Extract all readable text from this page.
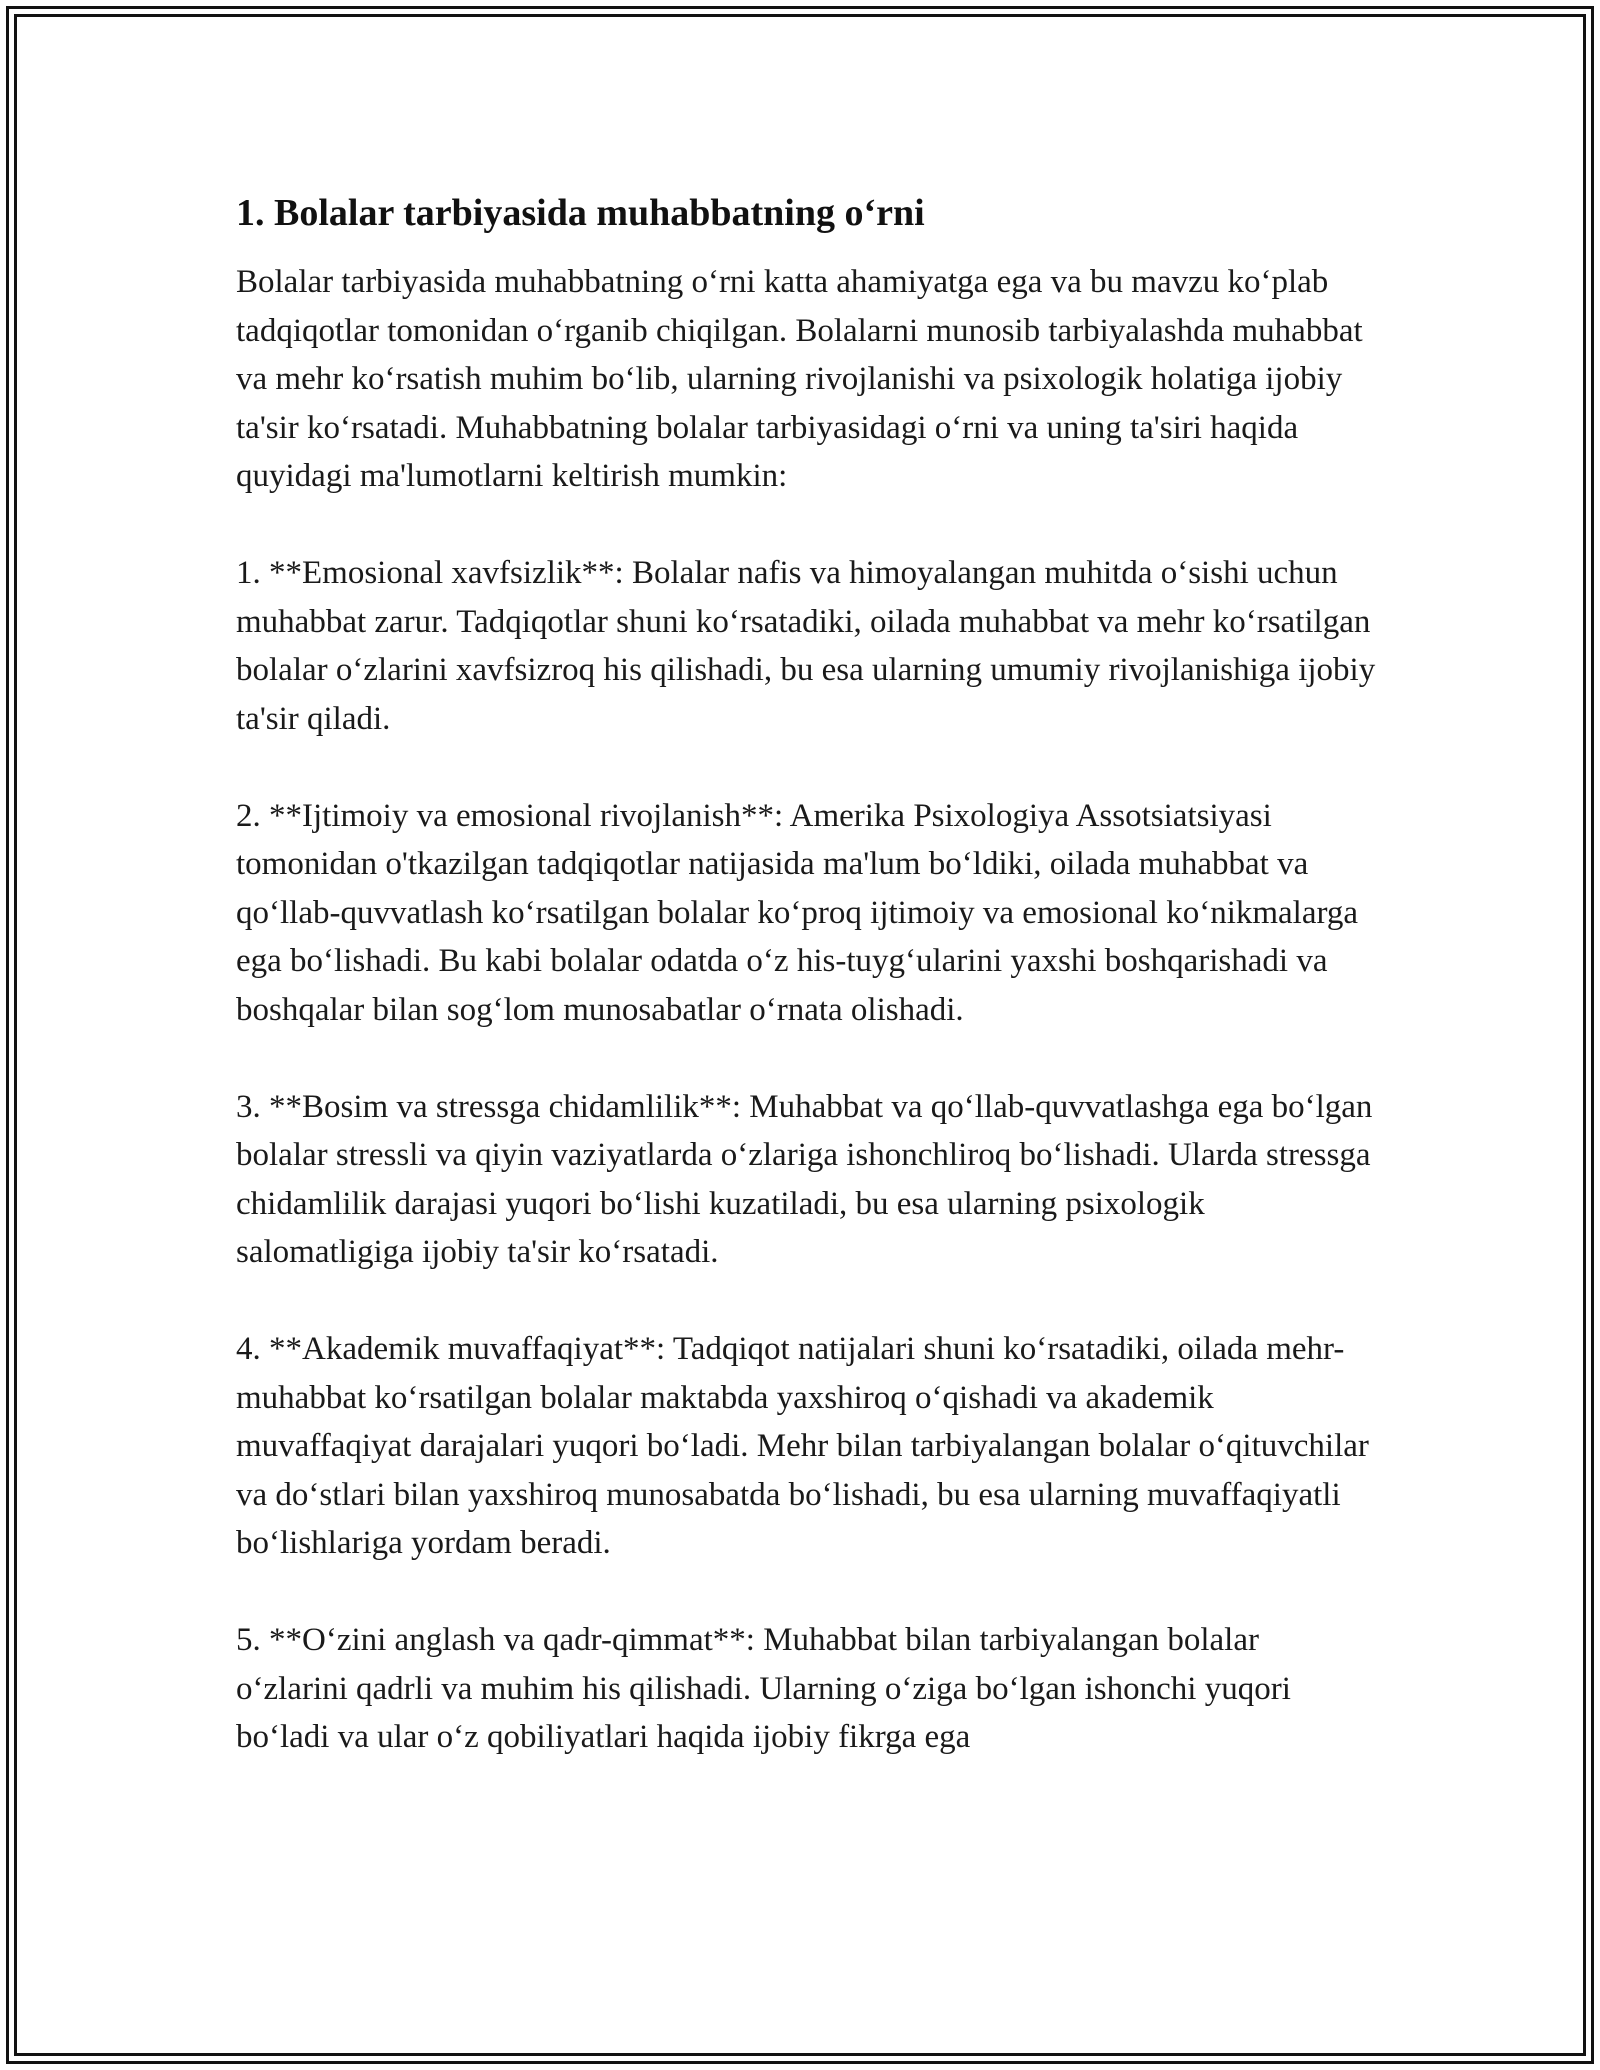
1. Bolalar tarbiyasida muhabbatning o‘rni

Bolalar tarbiyasida muhabbatning o‘rni katta ahamiyatga ega va bu mavzu ko‘plab tadqiqotlar tomonidan o‘rganib chiqilgan. Bolalarni munosib tarbiyalashda muhabbat va mehr ko‘rsatish muhim bo‘lib, ularning rivojlanishi va psixologik holatiga ijobiy ta'sir ko‘rsatadi. Muhabbatning bolalar tarbiyasidagi o‘rni va uning ta'siri haqida quyidagi ma'lumotlarni keltirish mumkin:

1. **Emosional xavfsizlik**: Bolalar nafis va himoyalangan muhitda o‘sishi uchun muhabbat zarur. Tadqiqotlar shuni ko‘rsatadiki, oilada muhabbat va mehr ko‘rsatilgan bolalar o‘zlarini xavfsizroq his qilishadi, bu esa ularning umumiy rivojlanishiga ijobiy ta'sir qiladi.

2. **Ijtimoiy va emosional rivojlanish**: Amerika Psixologiya Assotsiatsiyasi tomonidan o'tkazilgan tadqiqotlar natijasida ma'lum bo‘ldiki, oilada muhabbat va qo‘llab-quvvatlash ko‘rsatilgan bolalar ko‘proq ijtimoiy va emosional ko‘nikmalarga ega bo‘lishadi. Bu kabi bolalar odatda o‘z his-tuyg‘ularini yaxshi boshqarishadi va boshqalar bilan sog‘lom munosabatlar o‘rnata olishadi.

3. **Bosim va stressga chidamlilik**: Muhabbat va qo‘llab-quvvatlashga ega bo‘lgan bolalar stressli va qiyin vaziyatlarda o‘zlariga ishonchliroq bo‘lishadi. Ularda stressga chidamlilik darajasi yuqori bo‘lishi kuzatiladi, bu esa ularning psixologik salomatligiga ijobiy ta'sir ko‘rsatadi.

4. **Akademik muvaffaqiyat**: Tadqiqot natijalari shuni ko‘rsatadiki, oilada mehr-muhabbat ko‘rsatilgan bolalar maktabda yaxshiroq o‘qishadi va akademik muvaffaqiyat darajalari yuqori bo‘ladi. Mehr bilan tarbiyalangan bolalar o‘qituvchilar va do‘stlari bilan yaxshiroq munosabatda bo‘lishadi, bu esa ularning muvaffaqiyatli bo‘lishlariga yordam beradi.

5. **O‘zini anglash va qadr-qimmat**: Muhabbat bilan tarbiyalangan bolalar o‘zlarini qadrli va muhim his qilishadi. Ularning o‘ziga bo‘lgan ishonchi yuqori bo‘ladi va ular o‘z qobiliyatlari haqida ijobiy fikrga ega
